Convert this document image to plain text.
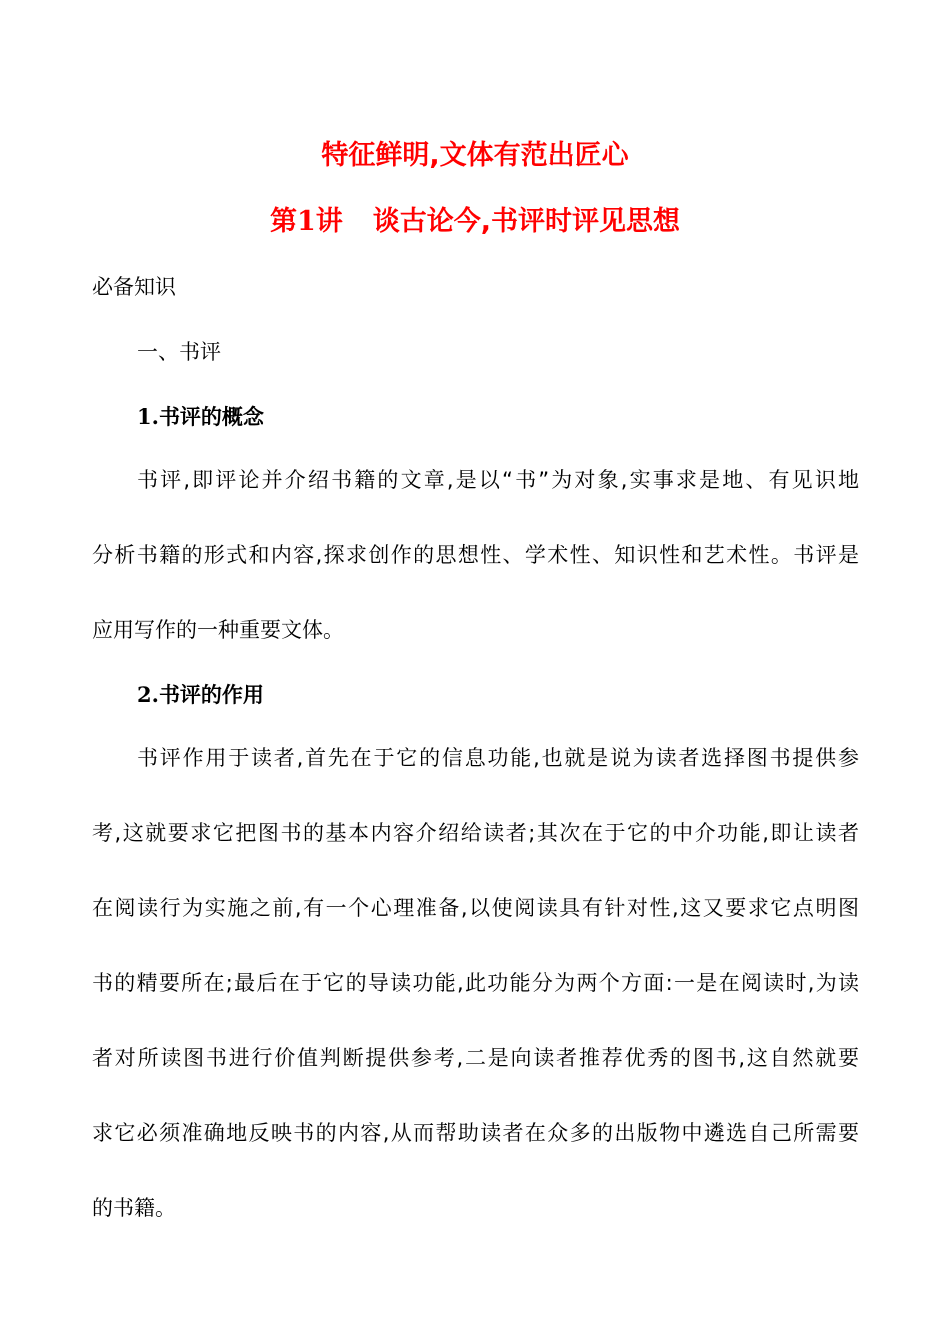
特征鲜明,文体有范出匠心
第1讲 谈古论今,书评时评见思想
必备知识
一、书评
1.书评的概念
书评,即评论并介绍书籍的文章,是以“书”为对象,实事求是地、有见识地
分析书籍的形式和内容,探求创作的思想性、学术性、知识性和艺术性。书评是
应用写作的一种重要文体。
2.书评的作用
书评作用于读者,首先在于它的信息功能,也就是说为读者选择图书提供参
考,这就要求它把图书的基本内容介绍给读者;其次在于它的中介功能,即让读者
在阅读行为实施之前,有一个心理准备,以使阅读具有针对性,这又要求它点明图
书的精要所在;最后在于它的导读功能,此功能分为两个方面:一是在阅读时,为读
者对所读图书进行价值判断提供参考,二是向读者推荐优秀的图书,这自然就要
求它必须准确地反映书的内容,从而帮助读者在众多的出版物中遴选自己所需要
的书籍。
